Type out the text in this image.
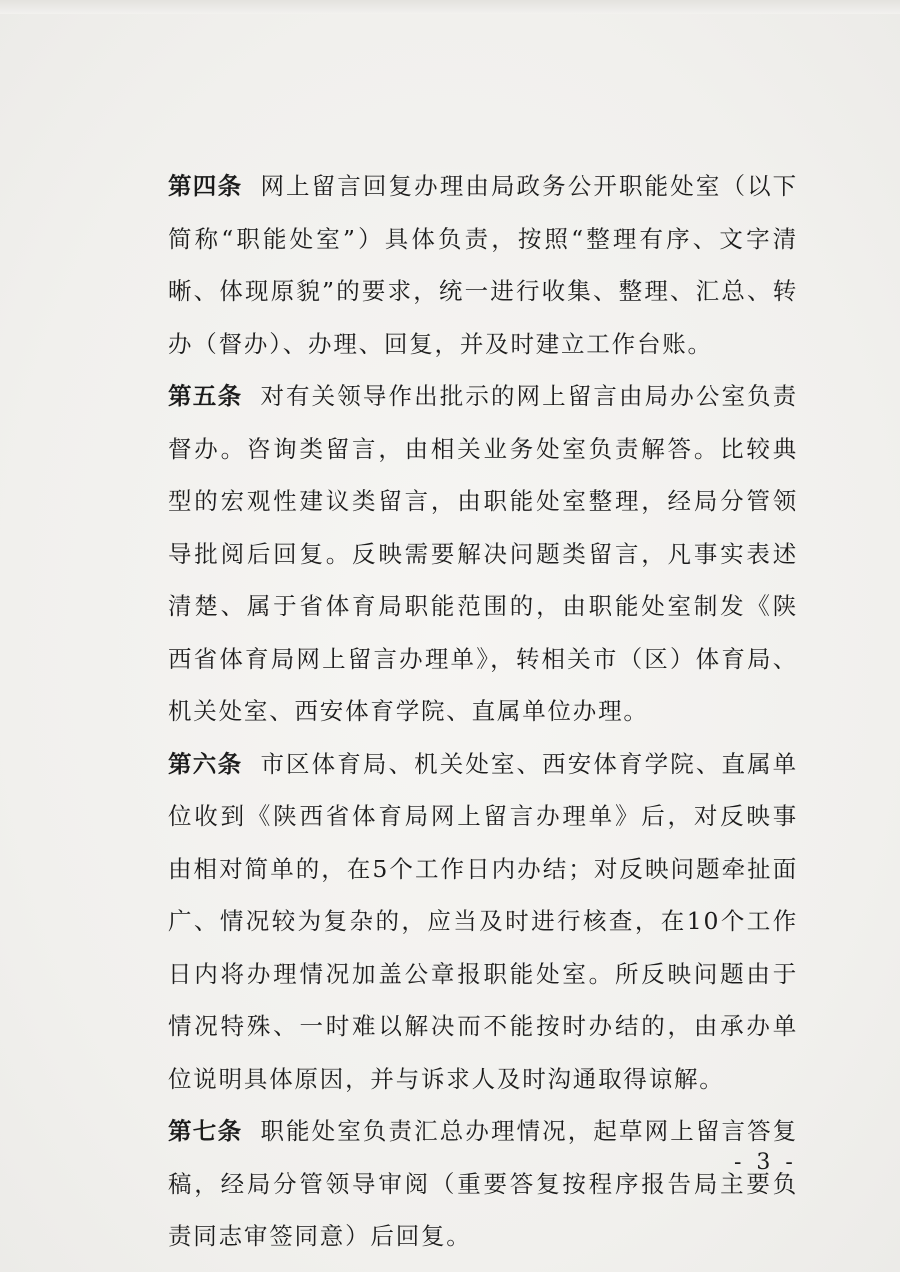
第四条 网上留言回复办理由局政务公开职能处室（以下简称“职能处室”）具体负责，按照“整理有序、文字清晰、体现原貌”的要求，统一进行收集、整理、汇总、转办（督办）、办理、回复，并及时建立工作台账。

第五条 对有关领导作出批示的网上留言由局办公室负责督办。咨询类留言，由相关业务处室负责解答。比较典型的宏观性建议类留言，由职能处室整理，经局分管领导批阅后回复。反映需要解决问题类留言，凡事实表述清楚、属于省体育局职能范围的，由职能处室制发《陕西省体育局网上留言办理单》，转相关市（区）体育局、机关处室、西安体育学院、直属单位办理。

第六条 市区体育局、机关处室、西安体育学院、直属单位收到《陕西省体育局网上留言办理单》后，对反映事由相对简单的，在5个工作日内办结；对反映问题牵扯面广、情况较为复杂的，应当及时进行核查，在10个工作日内将办理情况加盖公章报职能处室。所反映问题由于情况特殊、一时难以解决而不能按时办结的，由承办单位说明具体原因，并与诉求人及时沟通取得谅解。

第七条 职能处室负责汇总办理情况，起草网上留言答复稿，经局分管领导审阅（重要答复按程序报告局主要负责同志审签同意）后回复。

- 3 -
